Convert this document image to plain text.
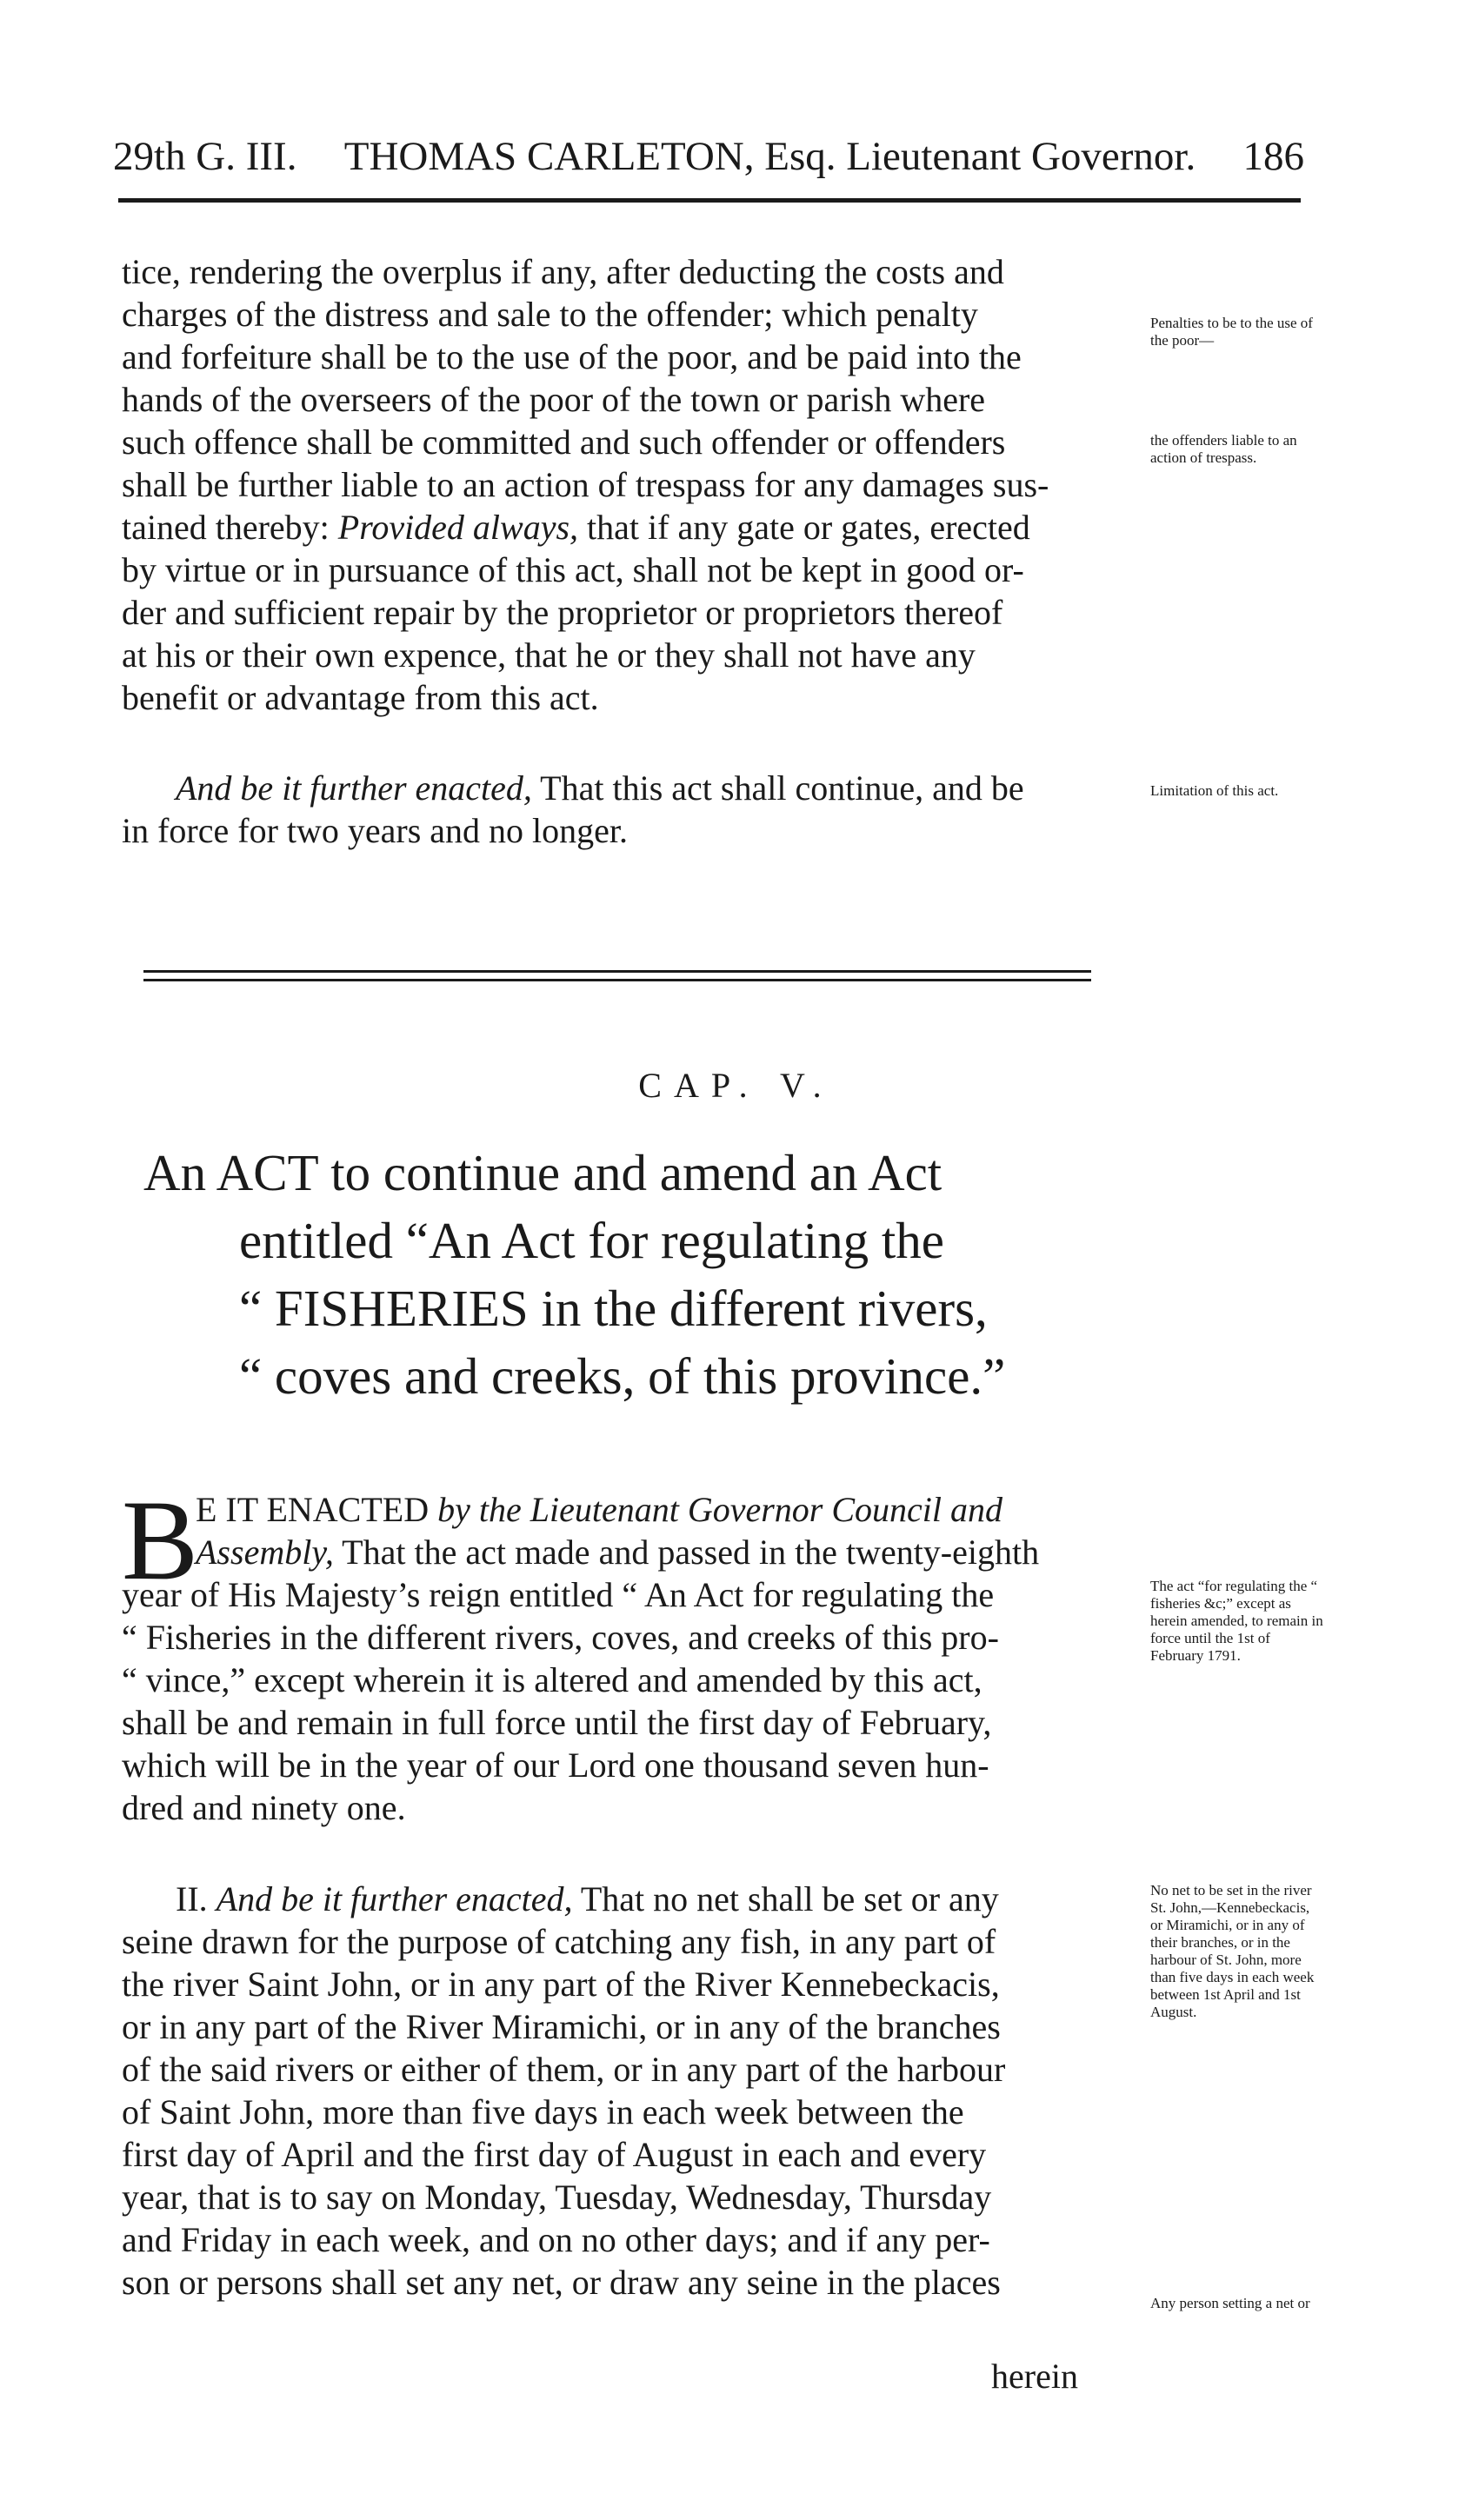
29th G. III. THOMAS CARLETON, Esq. Lieutenant Governor. 186

tice, rendering the overplus if any, after deducting the costs and
charges of the distress and sale to the offender; which penalty
and forfeiture shall be to the use of the poor, and be paid into the
hands of the overseers of the poor of the town or parish where
such offence shall be committed and such offender or offenders
shall be further liable to an action of trespass for any damages sus-
tained thereby: Provided always, that if any gate or gates, erected
by virtue or in pursuance of this act, shall not be kept in good or-
der and sufficient repair by the proprietor or proprietors thereof
at his or their own expence, that he or they shall not have any
benefit or advantage from this act.

And be it further enacted, That this act shall continue, and be
in force for two years and no longer.

Penalties to be to the use of the poor—

the offenders liable to an action of trespass.

Limitation of this act.

CAP. V.
An ACT to continue and amend an Act
entitled “An Act for regulating the
“ FISHERIES in the different rivers,
“ coves and creeks, of this province.”
B

E IT ENACTED by the Lieutenant Governor Council and
Assembly, That the act made and passed in the twenty-eighth

year of His Majesty’s reign entitled “ An Act for regulating the
“ Fisheries in the different rivers, coves, and creeks of this pro-
“ vince,” except wherein it is altered and amended by this act,
shall be and remain in full force until the first day of February,
which will be in the year of our Lord one thousand seven hun-
dred and ninety one.

II. And be it further enacted, That no net shall be set or any
seine drawn for the purpose of catching any fish, in any part of
the river Saint John, or in any part of the River Kennebeckacis,
or in any part of the River Miramichi, or in any of the branches
of the said rivers or either of them, or in any part of the harbour
of Saint John, more than five days in each week between the
first day of April and the first day of August in each and every
year, that is to say on Monday, Tuesday, Wednesday, Thursday
and Friday in each week, and on no other days; and if any per-
son or persons shall set any net, or draw any seine in the places

herein

The act “for regulating the “ fisheries &c;” except as herein amended, to remain in force until the 1st of February 1791.

No net to be set in the river St. John,—Kennebeckacis, or Miramichi, or in any of their branches, or in the harbour of St. John, more than five days in each week between 1st April and 1st August.

Any person setting a net or
